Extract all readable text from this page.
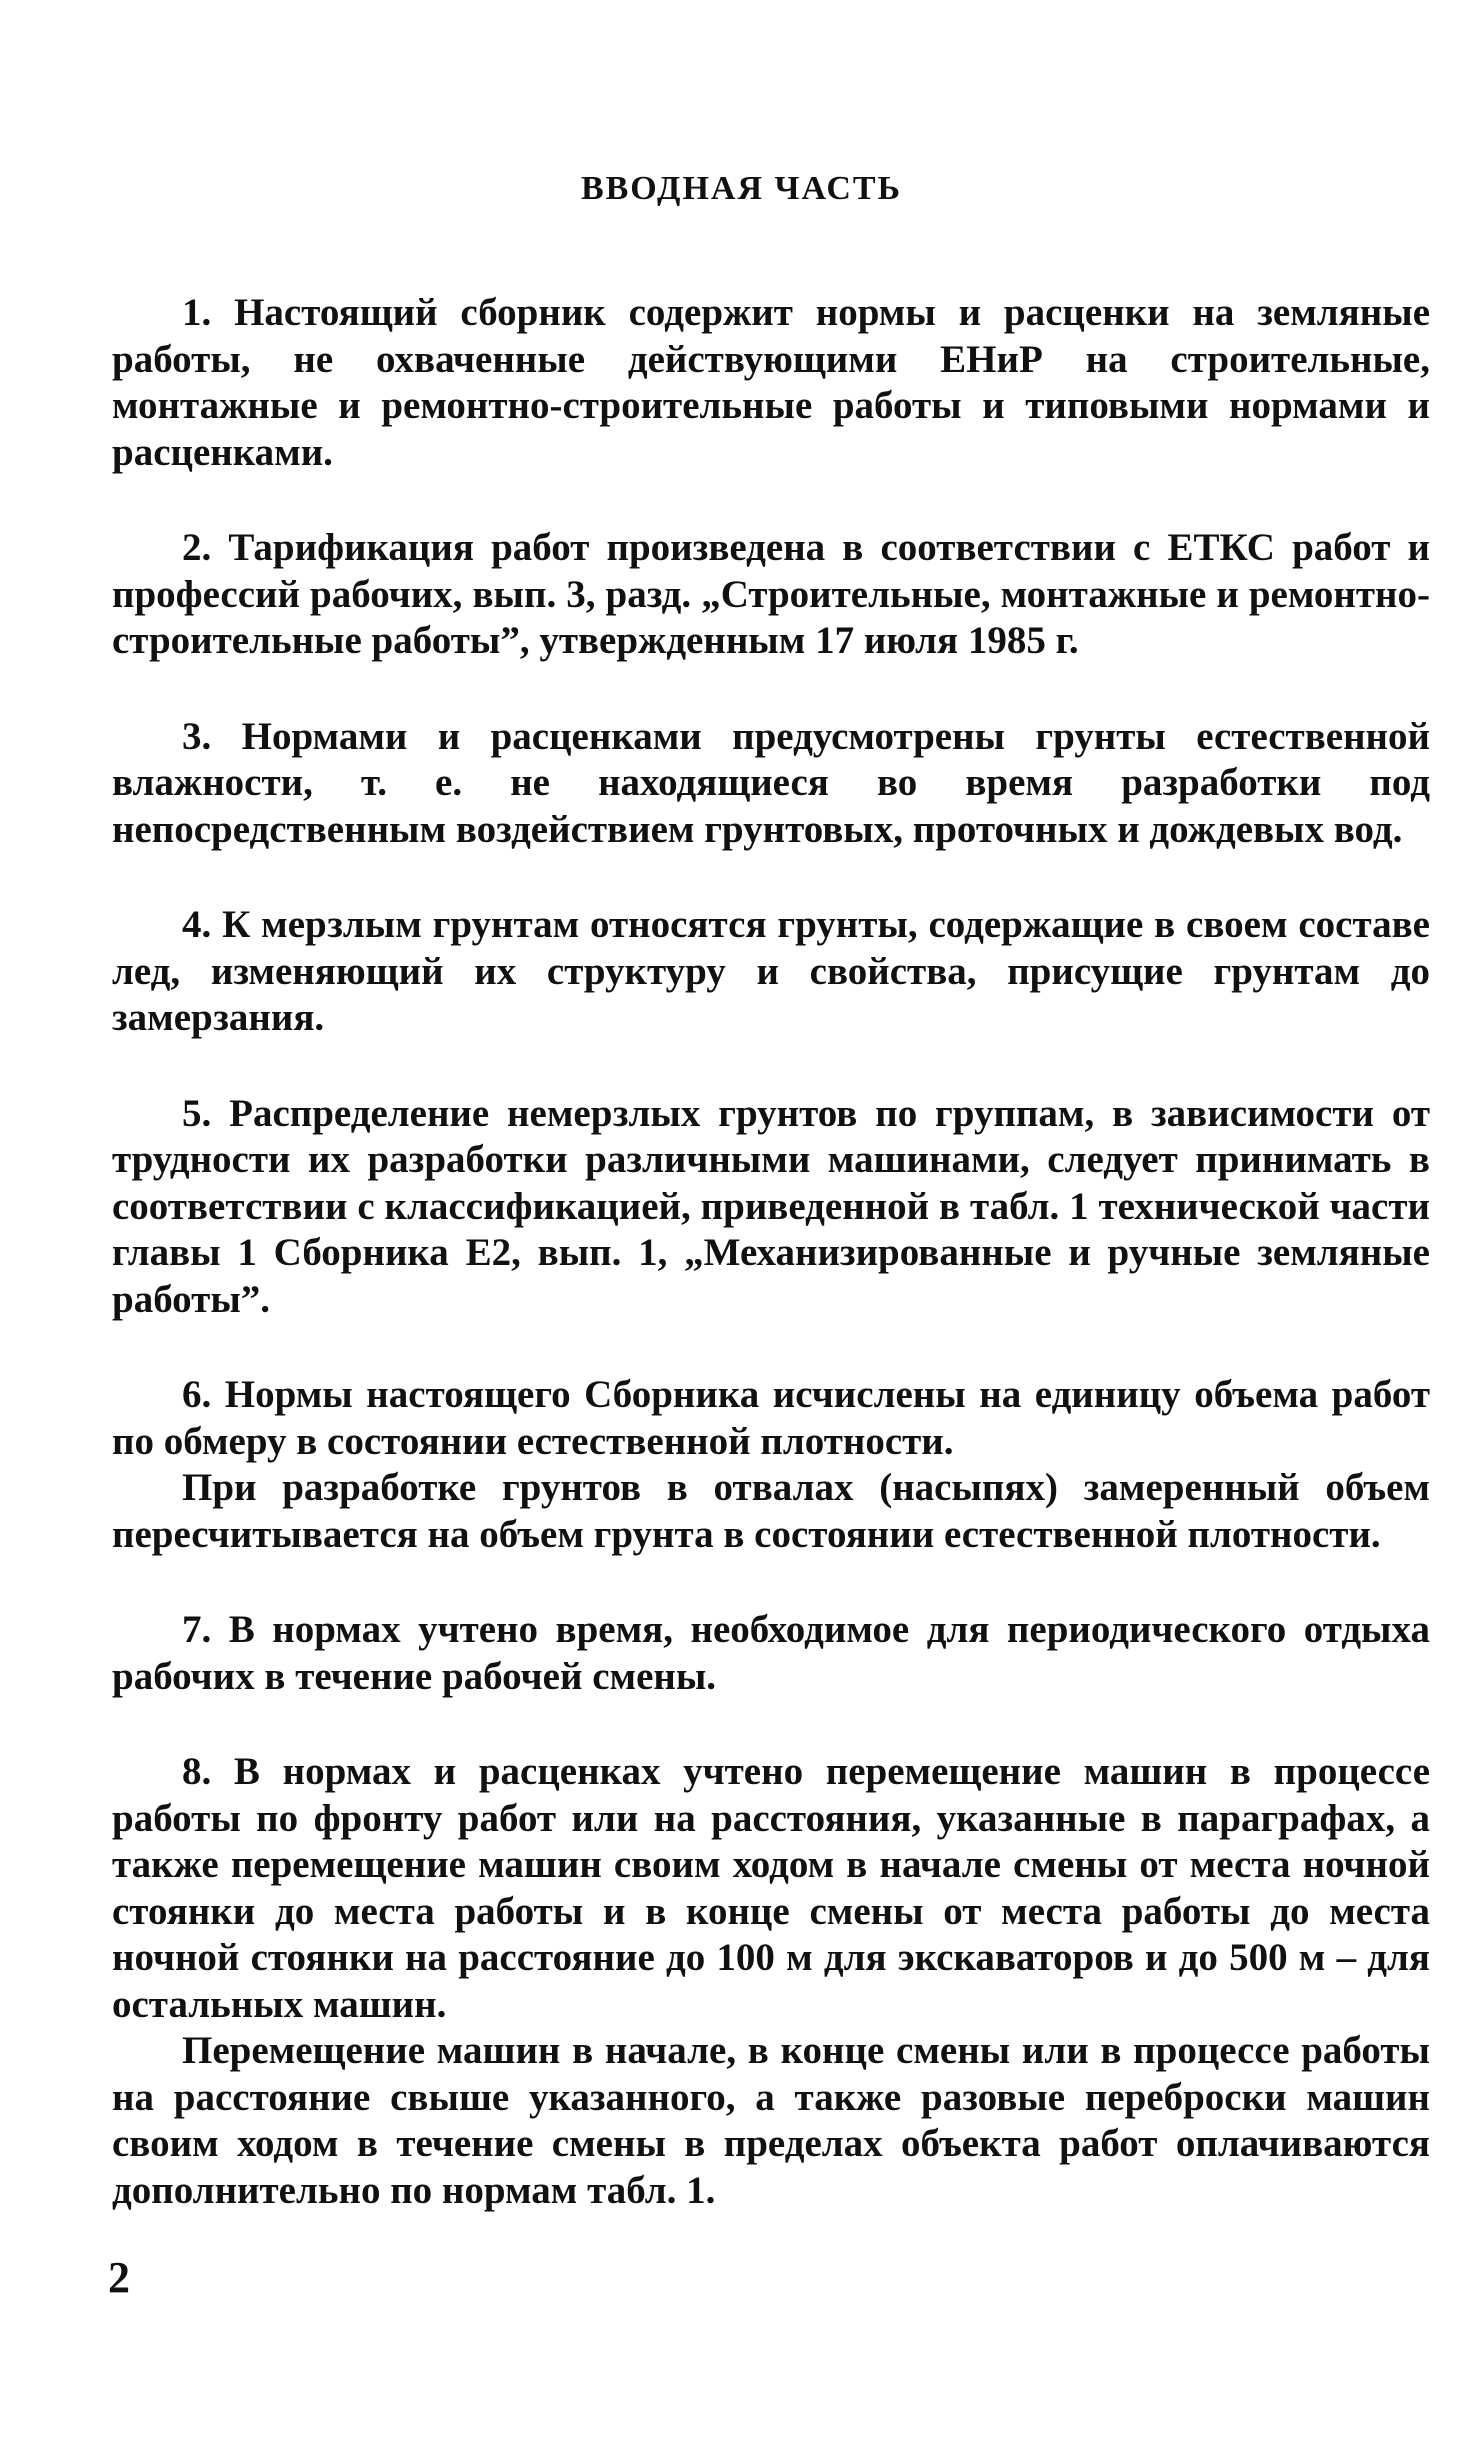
ВВОДНАЯ ЧАСТЬ

1. Настоящий сборник содержит нормы и расценки на земляные работы, не охваченные действующими ЕНиР на строительные, монтажные и ремонтно-строительные работы и типовыми нормами и расценками.

2. Тарификация работ произведена в соответствии с ЕТКС работ и профессий рабочих, вып. 3, разд. „Строительные, монтажные и ремонтно-строительные работы”, утвержденным 17 июля 1985 г.

3. Нормами и расценками предусмотрены грунты естественной влажности, т. е. не находящиеся во время разработки под непосредственным воздействием грунтовых, проточных и дождевых вод.

4. К мерзлым грунтам относятся грунты, содержащие в своем составе лед, изменяющий их структуру и свойства, присущие грунтам до замерзания.

5. Распределение немерзлых грунтов по группам, в зависимости от трудности их разработки различными машинами, следует принимать в соответствии с классификацией, приведенной в табл. 1 технической части главы 1 Сборника Е2, вып. 1, „Механизированные и ручные земляные работы”.

6. Нормы настоящего Сборника исчислены на единицу объема работ по обмеру в состоянии естественной плотности.

При разработке грунтов в отвалах (насыпях) замеренный объем пересчитывается на объем грунта в состоянии естественной плотности.

7. В нормах учтено время, необходимое для периодического отдыха рабочих в течение рабочей смены.

8. В нормах и расценках учтено перемещение машин в процессе работы по фронту работ или на расстояния, указанные в параграфах, а также перемещение машин своим ходом в начале смены от места ночной стоянки до места работы и в конце смены от места работы до места ночной стоянки на расстояние до 100 м для экскаваторов и до 500 м – для остальных машин.

Перемещение машин в начале, в конце смены или в процессе работы на расстояние свыше указанного, а также разовые переброски машин своим ходом в течение смены в пределах объекта работ оплачиваются дополнительно по нормам табл. 1.

2
